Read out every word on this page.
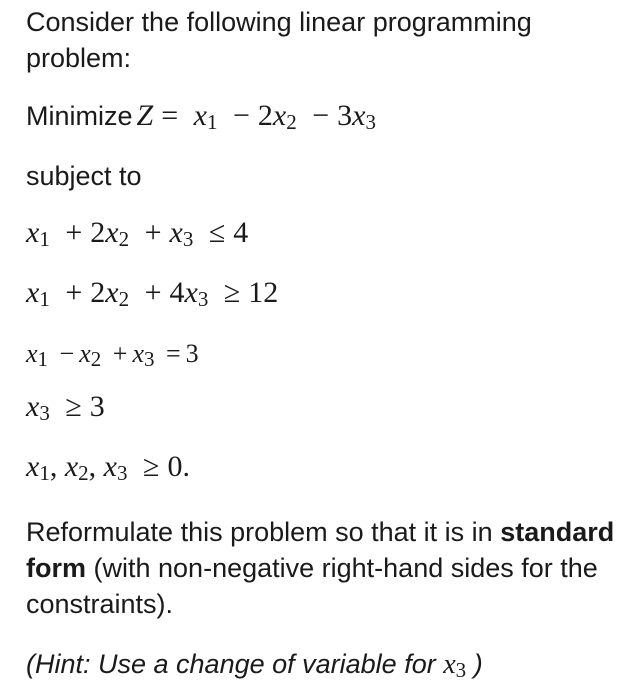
Consider the following linear programming problem:
Minimize $Z = x_1 - 2x_2 - 3x_3$
subject to
$x_1 + 2x_2 + x_3 \le 4$
$x_1 + 2x_2 + 4x_3 \ge 12$
$x_1 - x_2 + x_3 = 3$
$x_3 \ge 3$
$x_1$, $x_2$, $x_3 \ge 0$.
Reformulate this problem so that it is in standard form (with non-negative right-hand sides for the constraints).
(Hint: Use a change of variable for $x_3$ )
